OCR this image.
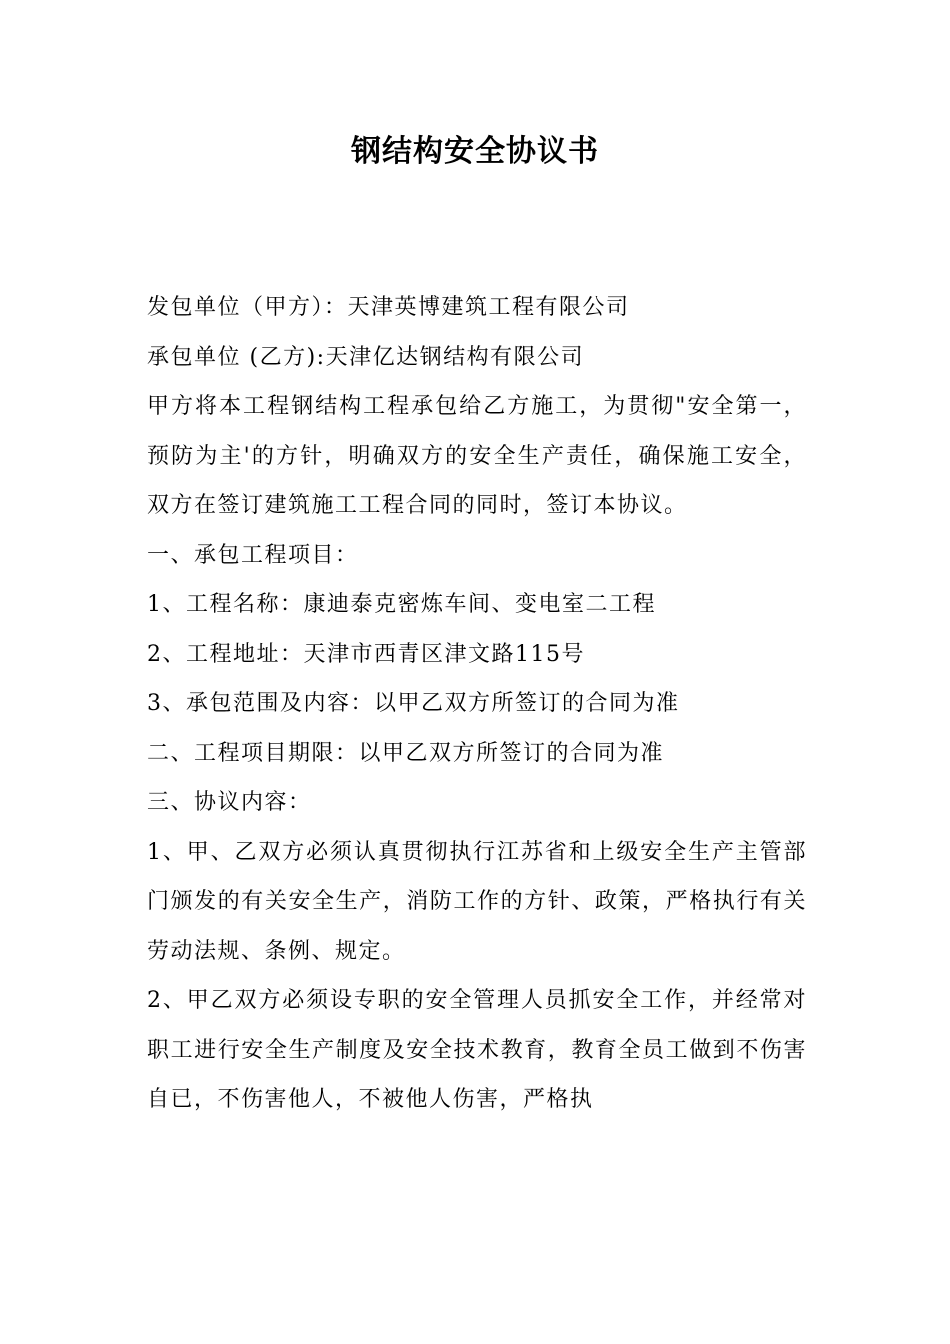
钢结构安全协议书

发包单位（甲方）：天津英博建筑工程有限公司

承包单位 (乙方):天津亿达钢结构有限公司

甲方将本工程钢结构工程承包给乙方施工，为贯彻"安全第一，预防为主'的方针，明确双方的安全生产责任，确保施工安全，双方在签订建筑施工工程合同的同时，签订本协议。

一、承包工程项目：

1、工程名称：康迪泰克密炼车间、变电室二工程

2、工程地址：天津市西青区津文路115号

3、承包范围及内容：以甲乙双方所签订的合同为准

二、工程项目期限：以甲乙双方所签订的合同为准

三、协议内容：

1、甲、乙双方必须认真贯彻执行江苏省和上级安全生产主管部门颁发的有关安全生产，消防工作的方针、政策，严格执行有关劳动法规、条例、规定。

2、甲乙双方必须设专职的安全管理人员抓安全工作，并经常对职工进行安全生产制度及安全技术教育，教育全员工做到不伤害自已，不伤害他人，不被他人伤害，严格执
